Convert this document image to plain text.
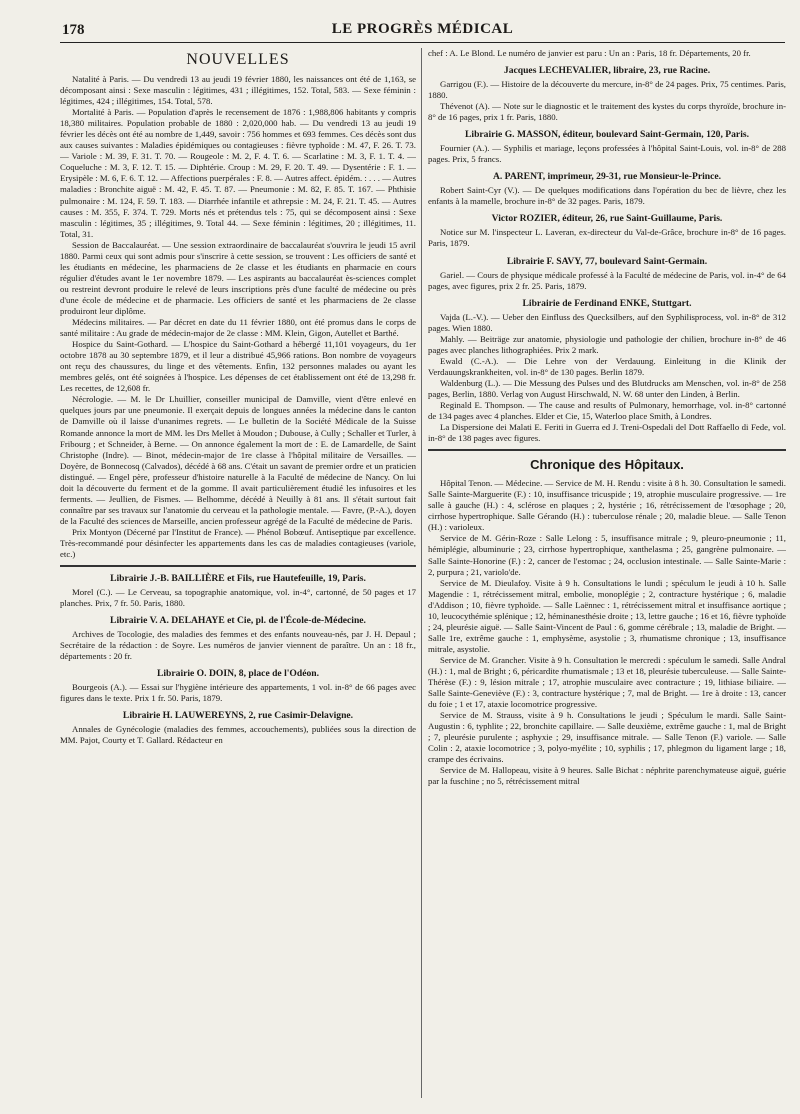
178	LE PROGRÈS MÉDICAL
NOUVELLES

Natalité à Paris. — Du vendredi 13 au jeudi 19 février 1880, les naissances ont été de 1,163, se décomposant ainsi : Sexe masculin : légitimes, 431 ; illégitimes, 152. Total, 583. — Sexe féminin : légitimes, 424 ; illégitimes, 154. Total, 578.

Mortalité à Paris. — Population d'après le recensement de 1876 : 1,988,806 habitants y compris 18,380 militaires. Population probable de 1880 : 2,020,000 hab. — Du vendredi 13 au jeudi 19 février les décès ont été au nombre de 1,449, savoir : 756 hommes et 693 femmes. Ces décès sont dus aux causes suivantes : Maladies épidémiques ou contagieuses : fièvre typhoïde : M. 47, F. 26. T. 73. — Variole : M. 39, F. 31. T. 70. — Rougeole : M. 2, F. 4. T. 6. — Scarlatine : M. 3, F. 1. T. 4. — Coqueluche : M. 3, F. 12. T. 15. — Diphtérie. Croup : M. 29, F. 20. T. 49. — Dysentérie : F. 1. — Erysipèle : M. 6, F. 6. T. 12. — Affections puerpérales : F. 8. — Autres affect. épidém. : . . . — Autres maladies : Bronchite aiguë : M. 42, F. 45. T. 87. — Pneumonie : M. 82, F. 85. T. 167. — Phthisie pulmonaire : M. 124, F. 59. T. 183. — Diarrhée infantile et athrepsie : M. 24, F. 21. T. 45. — Autres causes : M. 355, F. 374. T. 729. Morts nés et prétendus tels : 75, qui se décomposent ainsi : Sexe masculin : légitimes, 35 ; illégitimes, 9. Total 44. — Sexe féminin : légitimes, 20 ; illégitimes, 11. Total, 31.

Session de Baccalauréat. — Une session extraordinaire de baccalauréat s'ouvrira le jeudi 15 avril 1880. Parmi ceux qui sont admis pour s'inscrire à cette session, se trouvent : Les officiers de santé et les étudiants en médecine, les pharmaciens de 2e classe et les étudiants en pharmacie en cours régulier d'études avant le 1er novembre 1879. — Les aspirants au baccalauréat ès-sciences complet ou restreint devront produire le relevé de leurs inscriptions près d'une faculté de médecine ou près d'une école de médecine et de pharmacie. Les officiers de santé et les pharmaciens de 2e classe produiront leur diplôme.

Médecins militaires. — Par décret en date du 11 février 1880, ont été promus dans le corps de santé militaire : Au grade de médecin-major de 2e classe : MM. Klein, Gigon, Autellet et Barthé.

Hospice du Saint-Gothard. — L'hospice du Saint-Gothard a hébergé 11,101 voyageurs, du 1er octobre 1878 au 30 septembre 1879, et il leur a distribué 45,966 rations. Bon nombre de voyageurs ont reçu des chaussures, du linge et des vêtements. Enfin, 132 personnes malades ou ayant les membres gelés, ont été soignées à l'hospice. Les dépenses de cet établissement ont été de 13,298 fr. Les recettes, de 12,608 fr.

Nécrologie. — M. le Dr Lhuillier, conseiller municipal de Damville, vient d'être enlevé en quelques jours par une pneumonie. Il exerçait depuis de longues années la médecine dans le canton de Damville où il laisse d'unanimes regrets. — Le bulletin de la Société Médicale de la Suisse Romande annonce la mort de MM. les Drs Mellet à Moudon ; Dubouse, à Cully ; Schaller et Turler, à Fribourg ; et Schneider, à Berne. — On annonce également la mort de : E. de Lamardelle, de Saint Christophe (Indre). — Binot, médecin-major de 1re classe à l'hôpital militaire de Versailles. — Doyère, de Bonnecosq (Calvados), décédé à 68 ans. C'était un savant de premier ordre et un praticien distingué. — Engel père, professeur d'histoire naturelle à la Faculté de médecine de Nancy. On lui doit la découverte du ferment et de la gomme. Il avait particulièrement étudié les infusoires et les ferments. — Jeullien, de Fismes. — Belhomme, décédé à Neuilly à 81 ans. Il s'était surtout fait connaître par ses travaux sur l'anatomie du cerveau et la pathologie mentale. — Favre, (P.-A.), doyen de la Faculté des sciences de Marseille, ancien professeur agrégé de la Faculté de médecine de Paris.

Prix Montyon (Décerné par l'Institut de France). — Phénol Bobœuf. Antiseptique par excellence. Très-recommandé pour désinfecter les appartements dans les cas de maladies contagieuses (variole, etc.)

Librairie J.-B. BAILLIÈRE et Fils, rue Hautefeuille, 19, Paris.

Morel (C.). — Le Cerveau, sa topographie anatomique, vol. in-4°, cartonné, de 50 pages et 17 planches. Prix, 7 fr. 50. Paris, 1880.

Librairie V. A. DELAHAYE et Cie, pl. de l'École-de-Médecine.

Archives de Tocologie, des maladies des femmes et des enfants nouveau-nés, par J. H. Depaul ; Secrétaire de la rédaction : de Soyre. Les numéros de janvier viennent de paraître. Un an : 18 fr., départements : 20 fr.

Librairie O. DOIN, 8, place de l'Odéon.

Bourgeois (A.). — Essai sur l'hygiène intérieure des appartements, 1 vol. in-8° de 66 pages avec figures dans le texte. Prix 1 fr. 50. Paris, 1879.

Librairie H. LAUWEREYNS, 2, rue Casimir-Delavigne.

Annales de Gynécologie (maladies des femmes, accouchements), publiées sous la direction de MM. Pajot, Courty et T. Gallard. Rédacteur en

chef : A. Le Blond. Le numéro de janvier est paru : Un an : Paris, 18 fr. Départements, 20 fr.

Jacques LECHEVALIER, libraire, 23, rue Racine.

Garrigou (F.). — Histoire de la découverte du mercure, in-8° de 24 pages. Prix, 75 centimes. Paris, 1880.

Thévenot (A). — Note sur le diagnostic et le traitement des kystes du corps thyroïde, brochure in-8° de 16 pages, prix 1 fr. Paris, 1880.

Librairie G. MASSON, éditeur, boulevard Saint-Germain, 120, Paris.

Fournier (A.). — Syphilis et mariage, leçons professées à l'hôpital Saint-Louis, vol. in-8° de 288 pages. Prix, 5 francs.

A. PARENT, imprimeur, 29-31, rue Monsieur-le-Prince.

Robert Saint-Cyr (V.). — De quelques modifications dans l'opération du bec de lièvre, chez les enfants à la mamelle, brochure in-8° de 32 pages. Paris, 1879.

Victor ROZIER, éditeur, 26, rue Saint-Guillaume, Paris.

Notice sur M. l'inspecteur L. Laveran, ex-directeur du Val-de-Grâce, brochure in-8° de 16 pages. Paris, 1879.

Librairie F. SAVY, 77, boulevard Saint-Germain.

Gariel. — Cours de physique médicale professé à la Faculté de médecine de Paris, vol. in-4° de 64 pages, avec figures, prix 2 fr. 25. Paris, 1879.

Librairie de Ferdinand ENKE, Stuttgart.

Vajda (L.-V.). — Ueber den Einfluss des Quecksilbers, auf den Syphilisprocess, vol. in-8° de 312 pages. Wien 1880.

Mahly. — Beiträge zur anatomie, physiologie und pathologie der chilien, brochure in-8° de 46 pages avec planches lithographiées. Prix 2 mark.

Ewald (C.-A.). — Die Lehre von der Verdauung. Einleitung in die Klinik der Verdauungskrankheiten, vol. in-8° de 130 pages. Berlin 1879.

Waldenburg (L.). — Die Messung des Pulses und des Blutdrucks am Menschen, vol. in-8° de 258 pages, Berlin, 1880. Verlag von August Hirschwald, N. W. 68 unter den Linden, à Berlin.

Reginald E. Thompson. — The cause and results of Pulmonary, hemorrhage, vol. in-8° cartonné de 134 pages avec 4 planches. Elder et Cie, 15, Waterloo place Smith, à Londres.

La Dispersione dei Malati E. Feriti in Guerra ed J. Treni-Ospedali del Dott Raffaello di Fede, vol. in-8° de 138 pages avec figures.

Chronique des Hôpitaux.

Hôpital Tenon. — Médecine. — Service de M. H. Rendu : visite à 8 h. 30. Consultation le samedi. Salle Sainte-Marguerite (F.) : 10, insuffisance tricuspide ; 19, atrophie musculaire progressive. — 1re salle à gauche (H.) : 4, sclérose en plaques ; 2, hystérie ; 16, rétrécissement de l'œsophage ; 20, cirrhose hypertrophique. Salle Gérando (H.) : tuberculose rénale ; 20, maladie bleue. — Salle Tenon (H.) : varioleux.

Service de M. Gérin-Roze : Salle Lelong : 5, insuffisance mitrale ; 9, pleuro-pneumonie ; 11, hémiplégie, albuminurie ; 23, cirrhose hypertrophique, xanthelasma ; 25, gangrène pulmonaire. — Salle Sainte-Honorine (F.) : 2, cancer de l'estomac ; 24, occlusion intestinale. — Salle Sainte-Marie : 2, purpura ; 21, variolo'de.

Service de M. Dieulafoy. Visite à 9 h. Consultations le lundi ; spéculum le jeudi à 10 h. Salle Magendie : 1, rétrécissement mitral, embolie, monoplégie ; 2, contracture hystérique ; 6, maladie d'Addison ; 10, fièvre typhoïde. — Salle Laënnec : 1, rétrécissement mitral et insuffisance aortique ; 10, leucocythémie splénique ; 12, héminanesthésie droite ; 13, lettre gauche ; 16 et 16, fièvre typhoïde ; 24, pleurésie aiguë. — Salle Saint-Vincent de Paul : 6, gomme cérébrale ; 13, maladie de Bright. — Salle 1re, extrême gauche : 1, emphysème, asystolie ; 3, rhumatisme chronique ; 13, insuffisance mitrale, asystolie.

Service de M. Grancher. Visite à 9 h. Consultation le mercredi : spéculum le samedi. Salle Andral (H.) : 1, mal de Bright ; 6, péricardite rhumatismale ; 13 et 18, pleurésie tuberculeuse. — Salle Sainte-Thérèse (F.) : 9, lésion mitrale ; 17, atrophie musculaire avec contracture ; 19, lithiase biliaire. — Salle Sainte-Geneviève (F.) : 3, contracture hystérique ; 7, mal de Bright. — 1re à droite : 13, cancer du foie ; 1 et 17, ataxie locomotrice progressive.

Service de M. Strauss, visite à 9 h. Consultations le jeudi ; Spéculum le mardi. Salle Saint-Augustin : 6, typhlite ; 22, bronchite capillaire. — Salle deuxième, extrême gauche : 1, mal de Bright ; 7, pleurésie purulente ; asphyxie ; 29, insuffisance mitrale. — Salle Tenon (F.) variole. — Salle Colin : 2, ataxie locomotrice ; 3, polyo-myélite ; 10, syphilis ; 17, phlegmon du ligament large ; 18, crampe des écrivains.

Service de M. Hallopeau, visite à 9 heures. Salle Bichat : néphrite parenchymateuse aiguë, guérie par la fuschine ; no 5, rétrécissement mitral
